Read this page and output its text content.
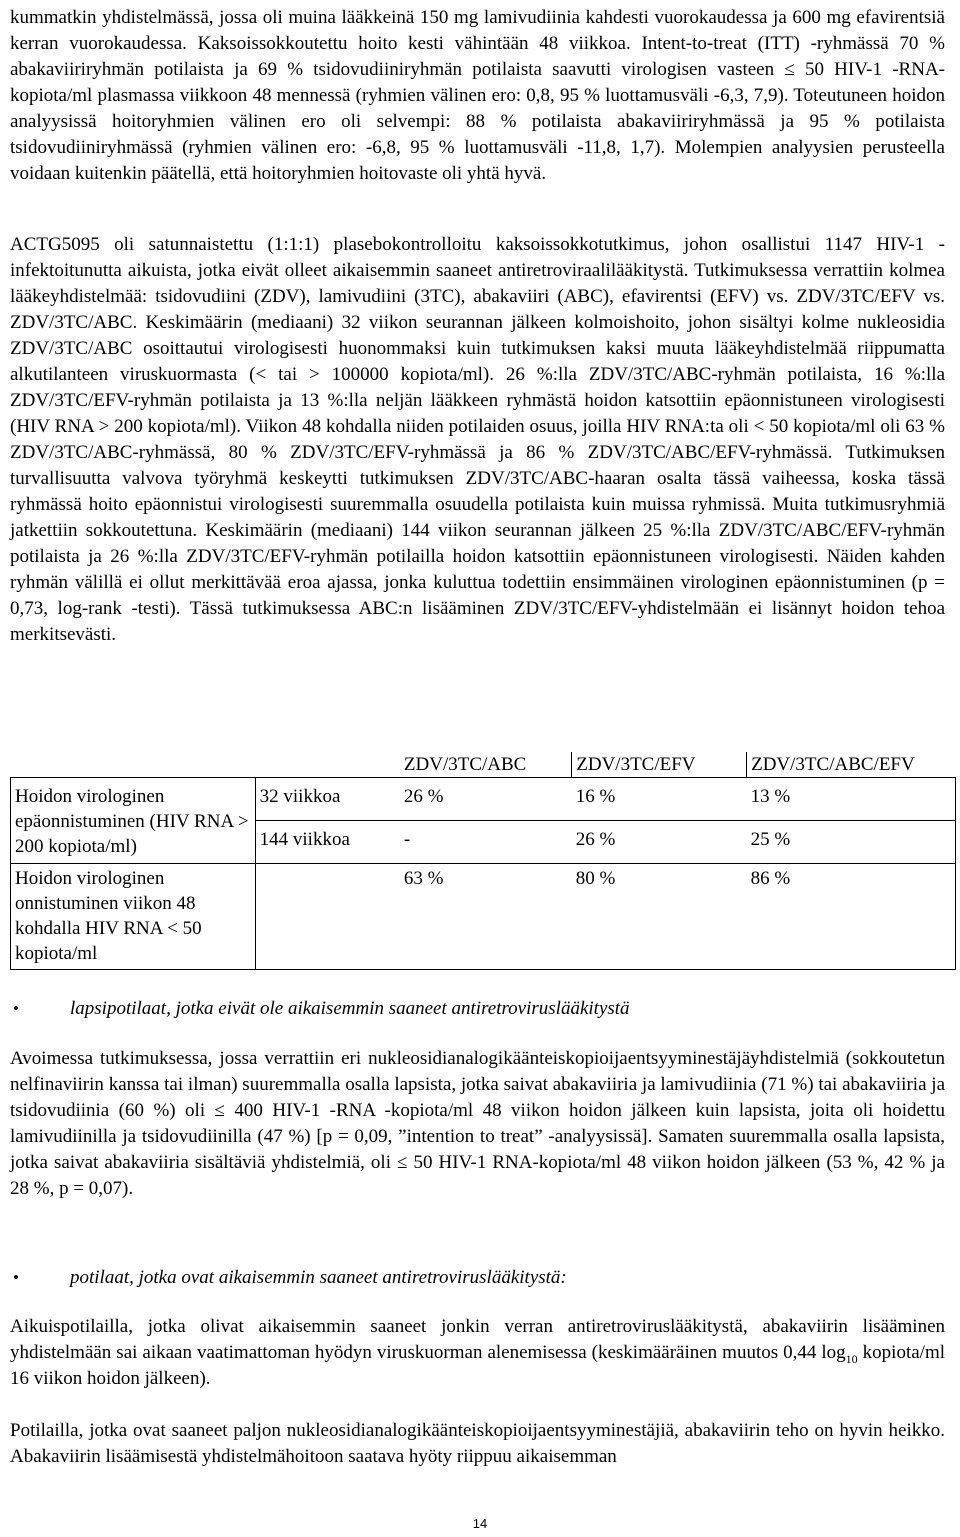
kummatkin yhdistelmässä, jossa oli muina lääkkeinä 150 mg lamivudiinia kahdesti vuorokaudessa ja 600 mg efavirentsiä kerran vuorokaudessa. Kaksoissokkoutettu hoito kesti vähintään 48 viikkoa. Intent-to-treat (ITT) -ryhmässä 70 % abakaviiriryhmän potilaista ja 69 % tsidovudiiniryhmän potilaista saavutti virologisen vasteen ≤ 50 HIV-1 -RNA-kopiota/ml plasmassa viikkoon 48 mennessä (ryhmien välinen ero: 0,8, 95 % luottamusväli -6,3, 7,9). Toteutuneen hoidon analyysissä hoitoryhmien välinen ero oli selvempi: 88 % potilaista abakaviiriryhmässä ja 95 % potilaista tsidovudiiniryhmässä (ryhmien välinen ero: -6,8, 95 % luottamusväli -11,8, 1,7). Molempien analyysien perusteella voidaan kuitenkin päätellä, että hoitoryhmien hoitovaste oli yhtä hyvä.

ACTG5095 oli satunnaistettu (1:1:1) plasebokontrolloitu kaksoissokkotutkimus, johon osallistui 1147 HIV-1 -infektoitunutta aikuista, jotka eivät olleet aikaisemmin saaneet antiretroviraalilääkitystä. Tutkimuksessa verrattiin kolmea lääkeyhdistelmää: tsidovudiini (ZDV), lamivudiini (3TC), abakaviiri (ABC), efavirentsi (EFV) vs. ZDV/3TC/EFV vs. ZDV/3TC/ABC. Keskimäärin (mediaani) 32 viikon seurannan jälkeen kolmoishoito, johon sisältyi kolme nukleosidia ZDV/3TC/ABC osoittautui virologisesti huonommaksi kuin tutkimuksen kaksi muuta lääkeyhdistelmää riippumatta alkutilanteen viruskuormasta (< tai > 100000 kopiota/ml). 26 %:lla ZDV/3TC/ABC-ryhmän potilaista, 16 %:lla ZDV/3TC/EFV-ryhmän potilaista ja 13 %:lla neljän lääkkeen ryhmästä hoidon katsottiin epäonnistuneen virologisesti (HIV RNA > 200 kopiota/ml). Viikon 48 kohdalla niiden potilaiden osuus, joilla HIV RNA:ta oli < 50 kopiota/ml oli 63 % ZDV/3TC/ABC-ryhmässä, 80 % ZDV/3TC/EFV-ryhmässä ja 86 % ZDV/3TC/ABC/EFV-ryhmässä. Tutkimuksen turvallisuutta valvova työryhmä keskeytti tutkimuksen ZDV/3TC/ABC-haaran osalta tässä vaiheessa, koska tässä ryhmässä hoito epäonnistui virologisesti suuremmalla osuudella potilaista kuin muissa ryhmissä. Muita tutkimusryhmiä jatkettiin sokkoutettuna. Keskimäärin (mediaani) 144 viikon seurannan jälkeen 25 %:lla ZDV/3TC/ABC/EFV-ryhmän potilaista ja 26 %:lla ZDV/3TC/EFV-ryhmän potilailla hoidon katsottiin epäonnistuneen virologisesti. Näiden kahden ryhmän välillä ei ollut merkittävää eroa ajassa, jonka kuluttua todettiin ensimmäinen virologinen epäonnistuminen (p = 0,73, log-rank -testi). Tässä tutkimuksessa ABC:n lisääminen ZDV/3TC/EFV-yhdistelmään ei lisännyt hoidon tehoa merkitsevästi.

		ZDV/3TC/ABC	ZDV/3TC/EFV	ZDV/3TC/ABC/EFV
Hoidon virologinen epäonnistuminen (HIV RNA > 200 kopiota/ml)	32 viikkoa	26 %	16 %	13 %
	144 viikkoa	-	26 %	25 %
Hoidon virologinen onnistuminen viikon 48 kohdalla HIV RNA < 50 kopiota/ml		63 %	80 %	86 %
•	lapsipotilaat, jotka eivät ole aikaisemmin saaneet antiretroviruslääkitystä

Avoimessa tutkimuksessa, jossa verrattiin eri nukleosidianalogikäänteiskopioijaentsyyminestäjäyhdistelmiä (sokkoutetun nelfinaviirin kanssa tai ilman) suuremmalla osalla lapsista, jotka saivat abakaviiria ja lamivudiinia (71 %) tai abakaviiria ja tsidovudiinia (60 %) oli ≤ 400 HIV-1 -RNA -kopiota/ml 48 viikon hoidon jälkeen kuin lapsista, joita oli hoidettu lamivudiinilla ja tsidovudiinilla (47 %) [p = 0,09, ”intention to treat” -analyysissä]. Samaten suuremmalla osalla lapsista, jotka saivat abakaviiria sisältäviä yhdistelmiä, oli ≤ 50 HIV-1 RNA-kopiota/ml 48 viikon hoidon jälkeen (53 %, 42 % ja 28 %, p = 0,07).

•	potilaat, jotka ovat aikaisemmin saaneet antiretroviruslääkitystä:

Aikuispotilailla, jotka olivat aikaisemmin saaneet jonkin verran antiretroviruslääkitystä, abakaviirin lisääminen yhdistelmään sai aikaan vaatimattoman hyödyn viruskuorman alenemisessa (keskimääräinen muutos 0,44 $\log_{10}$ kopiota/ml 16 viikon hoidon jälkeen).

Potilailla, jotka ovat saaneet paljon nukleosidianalogikäänteiskopioijaentsyyminestäjiä, abakaviirin teho on hyvin heikko. Abakaviirin lisäämisestä yhdistelmähoitoon saatava hyöty riippuu aikaisemman

14
